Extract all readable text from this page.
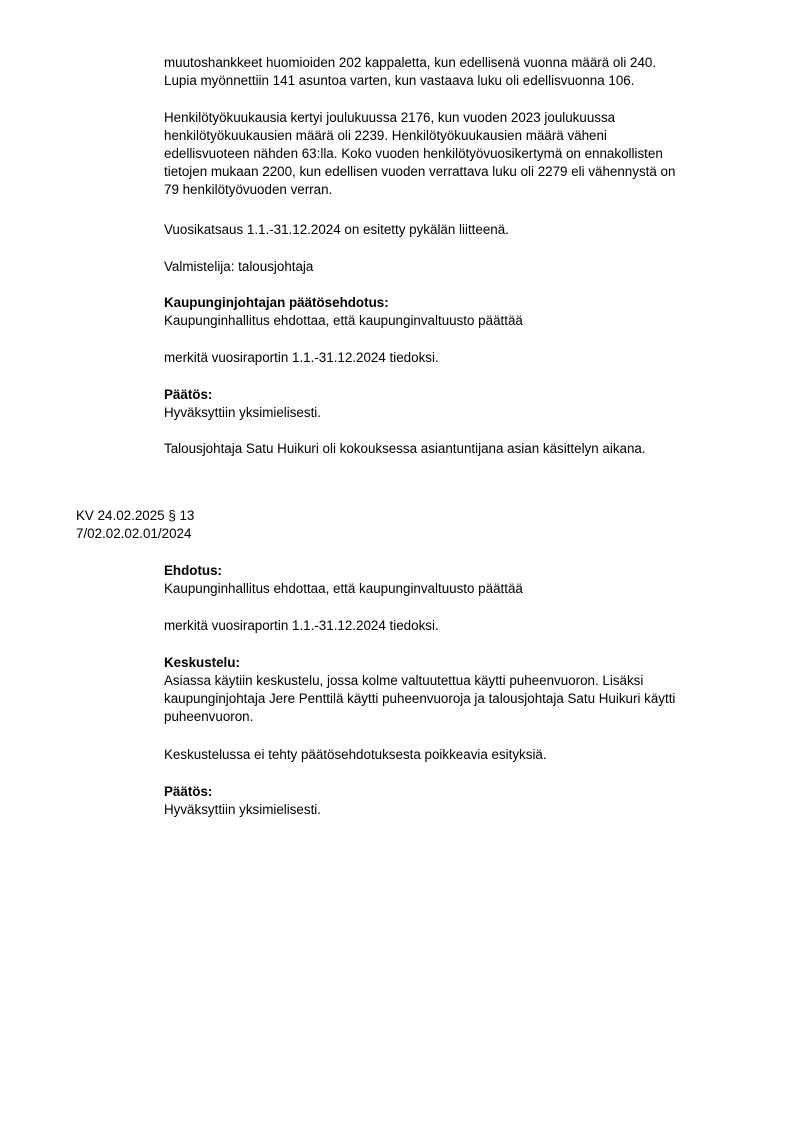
muutoshankkeet huomioiden 202 kappaletta, kun edellisenä vuonna määrä oli 240.

Lupia myönnettiin 141 asuntoa varten, kun vastaava luku oli edellisvuonna 106.

Henkilötyökuukausia kertyi joulukuussa 2176, kun vuoden 2023 joulukuussa

henkilötyökuukausien määrä oli 2239. Henkilötyökuukausien määrä väheni

edellisvuoteen nähden 63:lla. Koko vuoden henkilötyövuosikertymä on ennakollisten

tietojen mukaan 2200, kun edellisen vuoden verrattava luku oli 2279 eli vähennystä on

79 henkilötyövuoden verran.

Vuosikatsaus 1.1.-31.12.2024 on esitetty pykälän liitteenä.

Valmistelija: talousjohtaja

Kaupunginjohtajan päätösehdotus:

Kaupunginhallitus ehdottaa, että kaupunginvaltuusto päättää

merkitä vuosiraportin 1.1.-31.12.2024 tiedoksi.

Päätös:

Hyväksyttiin yksimielisesti.

Talousjohtaja Satu Huikuri oli kokouksessa asiantuntijana asian käsittelyn aikana.

KV 24.02.2025 § 13
7/02.02.02.01/2024

Ehdotus:

Kaupunginhallitus ehdottaa, että kaupunginvaltuusto päättää

merkitä vuosiraportin 1.1.-31.12.2024 tiedoksi.

Keskustelu:

Asiassa käytiin keskustelu, jossa kolme valtuutettua käytti puheenvuoron. Lisäksi

kaupunginjohtaja Jere Penttilä käytti puheenvuoroja ja talousjohtaja Satu Huikuri käytti

puheenvuoron.

Keskustelussa ei tehty päätösehdotuksesta poikkeavia esityksiä.

Päätös:

Hyväksyttiin yksimielisesti.
